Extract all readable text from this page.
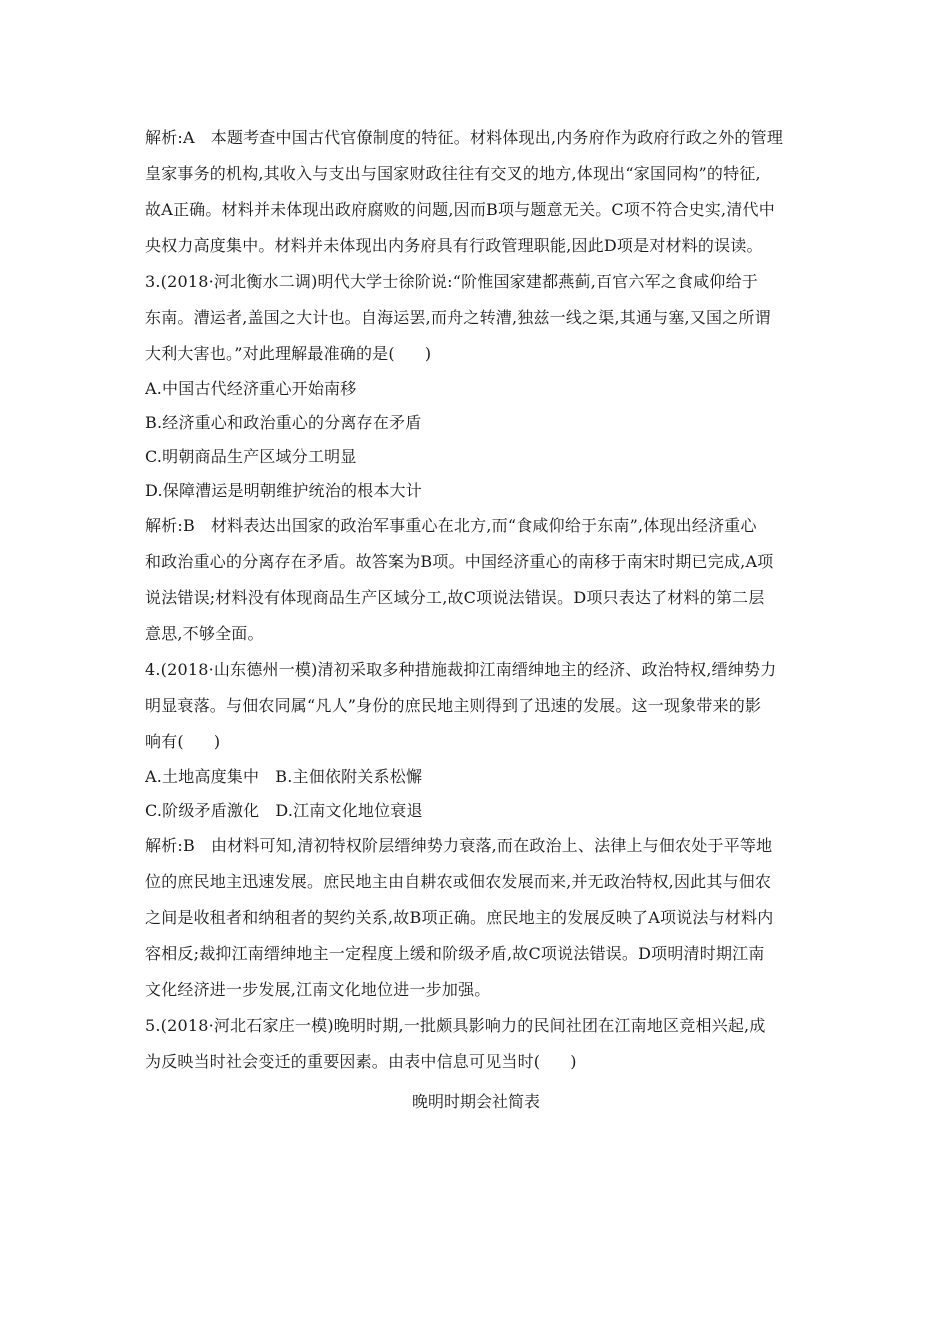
解析:A 本题考查中国古代官僚制度的特征。材料体现出,内务府作为政府行政之外的管理
皇家事务的机构,其收入与支出与国家财政往往有交叉的地方,体现出“家国同构”的特征,
故A正确。材料并未体现出政府腐败的问题,因而B项与题意无关。C项不符合史实,清代中
央权力高度集中。材料并未体现出内务府具有行政管理职能,因此D项是对材料的误读。
3.(2018·河北衡水二调)明代大学士徐阶说:“阶惟国家建都燕蓟,百官六军之食咸仰给于
东南。漕运者,盖国之大计也。自海运罢,而舟之转漕,独兹一线之渠,其通与塞,又国之所谓
大利大害也。”对此理解最准确的是( )
A.中国古代经济重心开始南移
B.经济重心和政治重心的分离存在矛盾
C.明朝商品生产区域分工明显
D.保障漕运是明朝维护统治的根本大计
解析:B 材料表达出国家的政治军事重心在北方,而“食咸仰给于东南”,体现出经济重心
和政治重心的分离存在矛盾。故答案为B项。中国经济重心的南移于南宋时期已完成,A项
说法错误;材料没有体现商品生产区域分工,故C项说法错误。D项只表达了材料的第二层
意思,不够全面。
4.(2018·山东德州一模)清初采取多种措施裁抑江南缙绅地主的经济、政治特权,缙绅势力
明显衰落。与佃农同属“凡人”身份的庶民地主则得到了迅速的发展。这一现象带来的影
响有( )
A.土地高度集中 B.主佃依附关系松懈
C.阶级矛盾激化 D.江南文化地位衰退
解析:B 由材料可知,清初特权阶层缙绅势力衰落,而在政治上、法律上与佃农处于平等地
位的庶民地主迅速发展。庶民地主由自耕农或佃农发展而来,并无政治特权,因此其与佃农
之间是收租者和纳租者的契约关系,故B项正确。庶民地主的发展反映了A项说法与材料内
容相反;裁抑江南缙绅地主一定程度上缓和阶级矛盾,故C项说法错误。D项明清时期江南
文化经济进一步发展,江南文化地位进一步加强。
5.(2018·河北石家庄一模)晚明时期,一批颇具影响力的民间社团在江南地区竞相兴起,成
为反映当时社会变迁的重要因素。由表中信息可见当时( )
晚明时期会社简表
